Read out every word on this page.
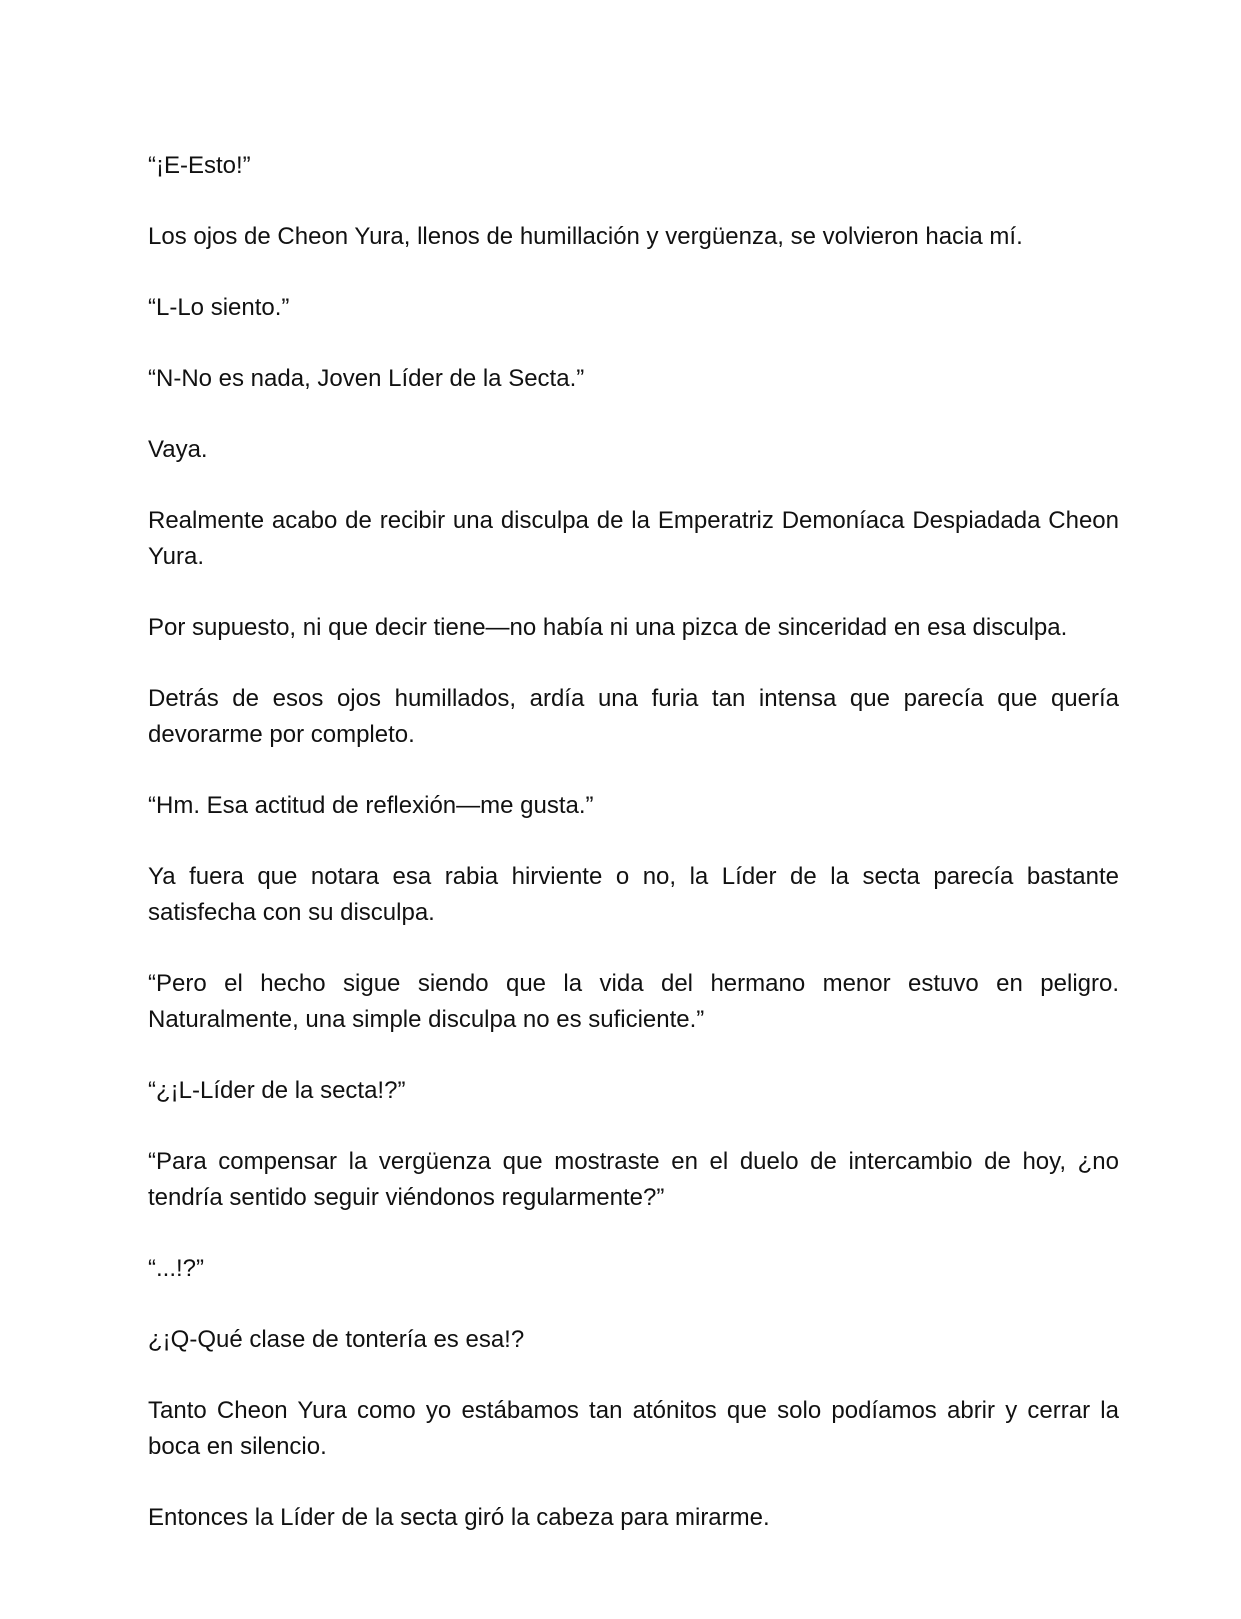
“¡E-Esto!”

Los ojos de Cheon Yura, llenos de humillación y vergüenza, se volvieron hacia mí.

“L-Lo siento.”

“N-No es nada, Joven Líder de la Secta.”

Vaya.

Realmente acabo de recibir una disculpa de la Emperatriz Demoníaca Despiadada Cheon Yura.

Por supuesto, ni que decir tiene—no había ni una pizca de sinceridad en esa disculpa.

Detrás de esos ojos humillados, ardía una furia tan intensa que parecía que quería devorarme por completo.

“Hm. Esa actitud de reflexión—me gusta.”

Ya fuera que notara esa rabia hirviente o no, la Líder de la secta parecía bastante satisfecha con su disculpa.

“Pero el hecho sigue siendo que la vida del hermano menor estuvo en peligro. Naturalmente, una simple disculpa no es suficiente.”

“¿¡L-Líder de la secta!?”

“Para compensar la vergüenza que mostraste en el duelo de intercambio de hoy, ¿no tendría sentido seguir viéndonos regularmente?”

“...!?”

¿¡Q-Qué clase de tontería es esa!?

Tanto Cheon Yura como yo estábamos tan atónitos que solo podíamos abrir y cerrar la boca en silencio.

Entonces la Líder de la secta giró la cabeza para mirarme.
